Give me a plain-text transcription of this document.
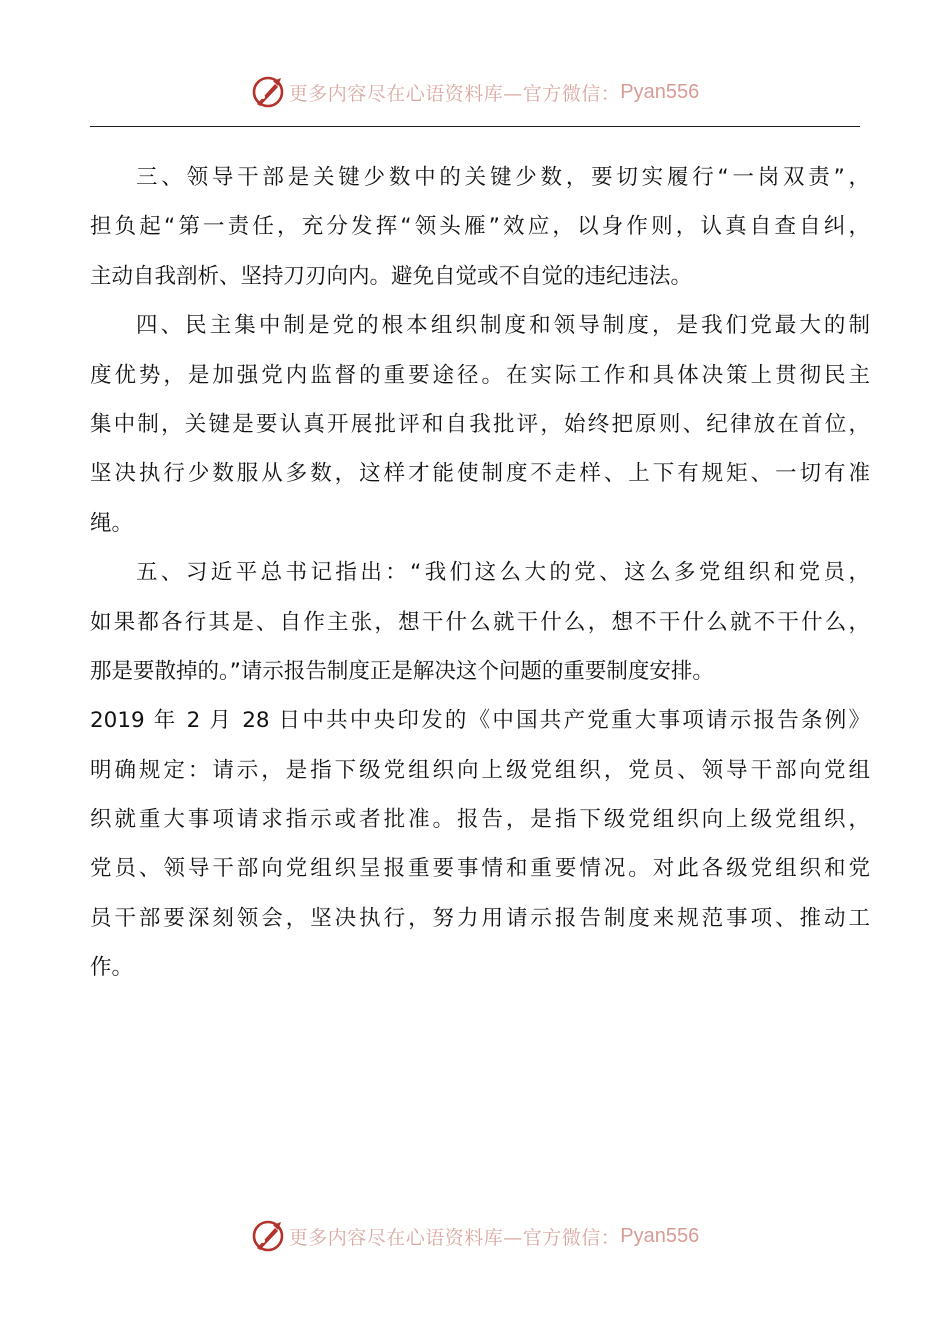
更多内容尽在心语资料库—官方微信： Pyan556
三、领导干部是关键少数中的关键少数，要切实履行“一岗双责”，
担负起“第一责任，充分发挥“领头雁”效应，以身作则，认真自查自纠，
主动自我剖析、坚持刀刃向内。避免自觉或不自觉的违纪违法。
四、民主集中制是党的根本组织制度和领导制度，是我们党最大的制
度优势，是加强党内监督的重要途径。在实际工作和具体决策上贯彻民主
集中制，关键是要认真开展批评和自我批评，始终把原则、纪律放在首位，
坚决执行少数服从多数，这样才能使制度不走样、上下有规矩、一切有准
绳。
五、习近平总书记指出：“我们这么大的党、这么多党组织和党员，
如果都各行其是、自作主张，想干什么就干什么，想不干什么就不干什么，
那是要散掉的。”请示报告制度正是解决这个问题的重要制度安排。
2019 年 2 月 28 日中共中央印发的《中国共产党重大事项请示报告条例》
明确规定：请示，是指下级党组织向上级党组织，党员、领导干部向党组
织就重大事项请求指示或者批准。报告，是指下级党组织向上级党组织，
党员、领导干部向党组织呈报重要事情和重要情况。对此各级党组织和党
员干部要深刻领会，坚决执行，努力用请示报告制度来规范事项、推动工
作。
更多内容尽在心语资料库—官方微信： Pyan556
